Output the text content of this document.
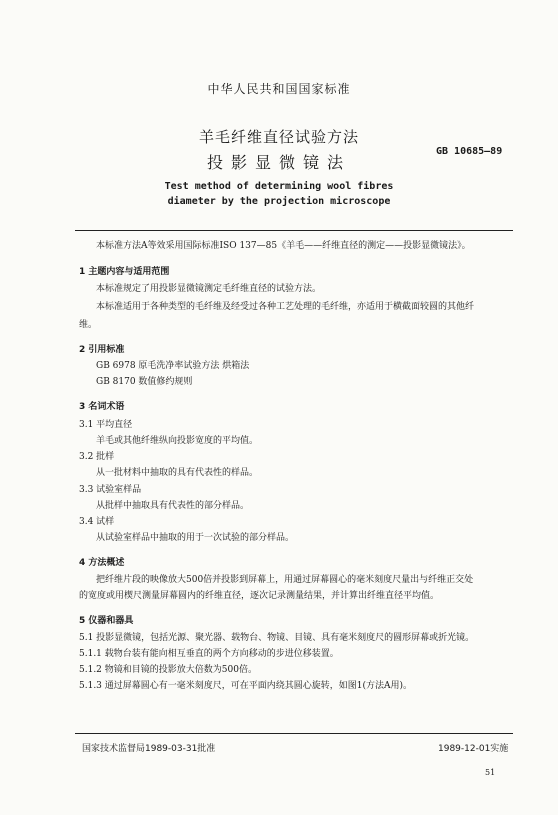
中华人民共和国国家标准
羊毛纤维直径试验方法
投影显微镜法
GB 10685—89
Test method of determining wool fibres
diameter by the projection microscope
本标准方法A等效采用国际标准ISO 137—85《羊毛——纤维直径的测定——投影显微镜法》。
1 主题内容与适用范围
本标准规定了用投影显微镜测定毛纤维直径的试验方法。
本标准适用于各种类型的毛纤维及经受过各种工艺处理的毛纤维，亦适用于横截面较圆的其他纤
维。
2 引用标准
GB 6978 原毛洗净率试验方法 烘箱法
GB 8170 数值修约规则
3 名词术语
3.1 平均直径
羊毛或其他纤维纵向投影宽度的平均值。
3.2 批样
从一批材料中抽取的具有代表性的样品。
3.3 试验室样品
从批样中抽取具有代表性的部分样品。
3.4 试样
从试验室样品中抽取的用于一次试验的部分样品。
4 方法概述
把纤维片段的映像放大500倍并投影到屏幕上，用通过屏幕圆心的毫米刻度尺量出与纤维正交处
的宽度或用楔尺测量屏幕圆内的纤维直径，逐次记录测量结果，并计算出纤维直径平均值。
5 仪器和器具
5.1 投影显微镜，包括光源、聚光器、载物台、物镜、目镜、具有毫米刻度尺的圆形屏幕或折光镜。
5.1.1 载物台装有能向相互垂直的两个方向移动的步进位移装置。
5.1.2 物镜和目镜的投影放大倍数为500倍。
5.1.3 通过屏幕圆心有一毫米刻度尺，可在平面内绕其圆心旋转，如图1(方法A用)。
国家技术监督局1989-03-31批准	1989-12-01实施
51
